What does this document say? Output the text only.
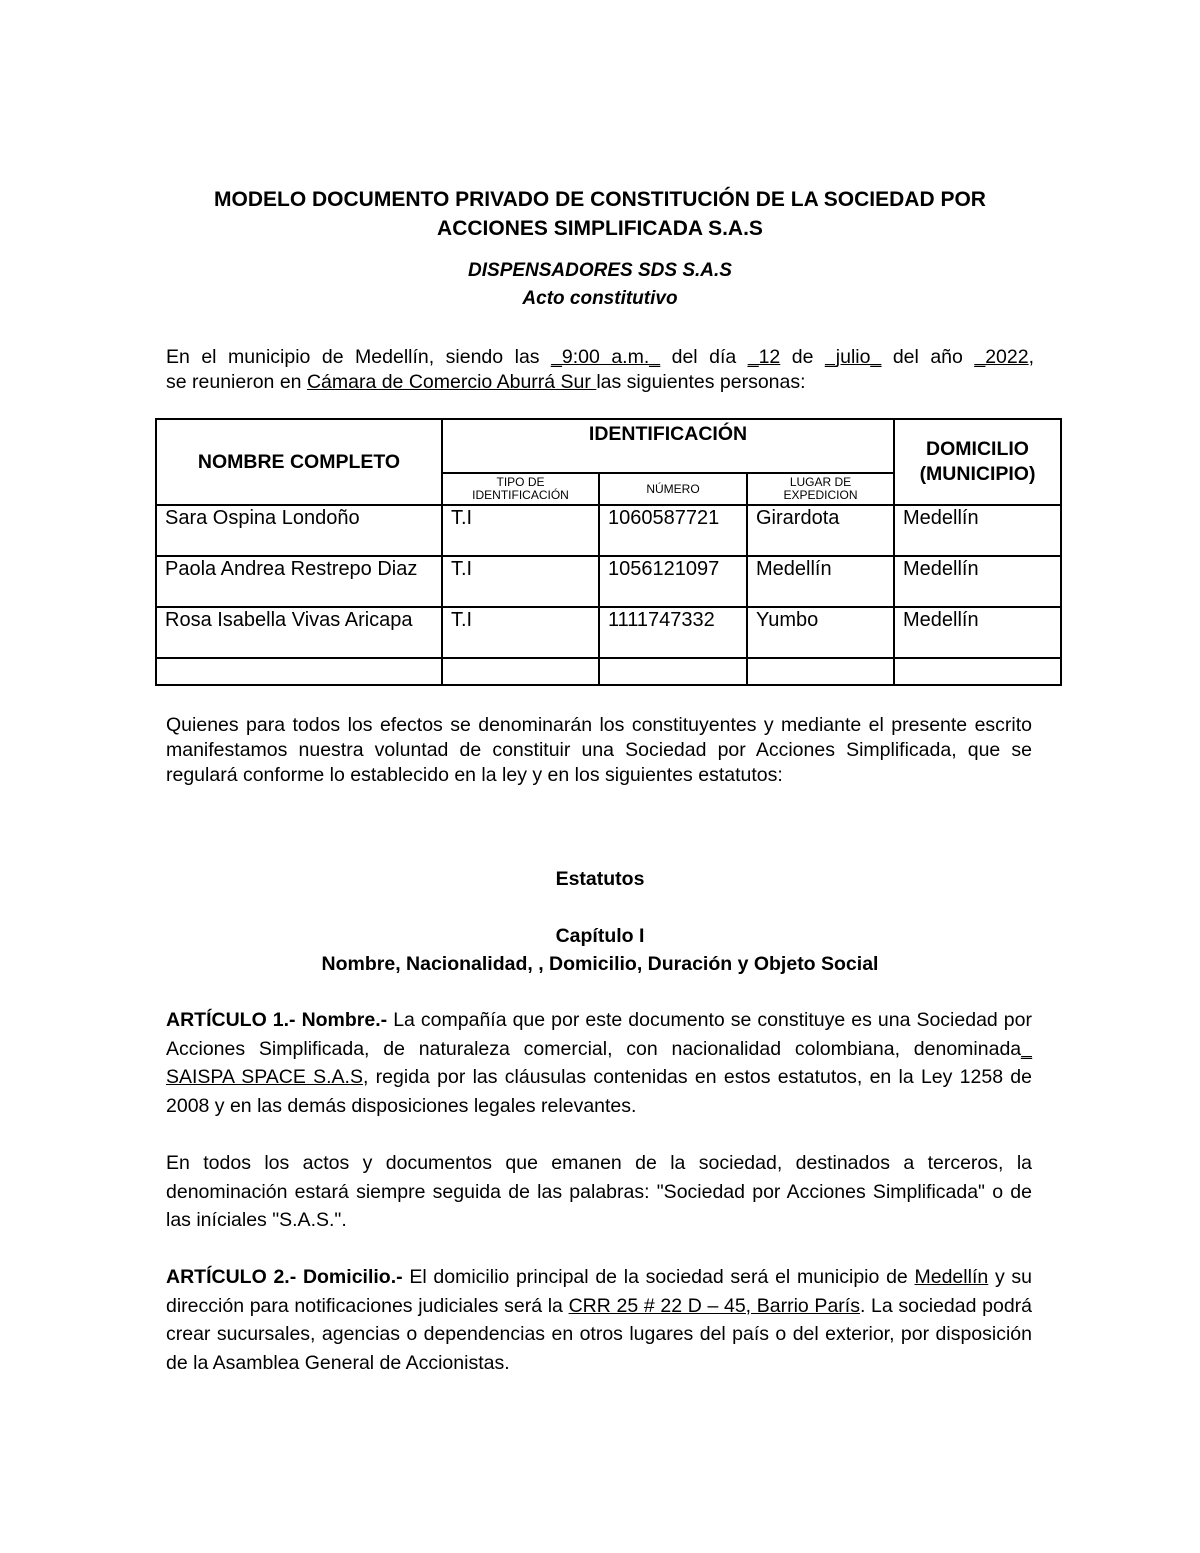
MODELO DOCUMENTO PRIVADO DE CONSTITUCIÓN DE LA SOCIEDAD POR
ACCIONES SIMPLIFICADA S.A.S
DISPENSADORES SDS S.A.S
Acto constitutivo
En el municipio de Medellín, siendo las _9:00 a.m._ del día _12 de _julio_ del año _2022,
se reunieron en Cámara de Comercio Aburrá Sur las siguientes personas:
NOMBRE COMPLETO	IDENTIFICACIÓN			DOMICILIO (MUNICIPIO)
	TIPO DE IDENTIFICACIÓN	NÚMERO	LUGAR DE EXPEDICION	
Sara Ospina Londoño	T.I	1060587721	Girardota	Medellín
Paola Andrea Restrepo Diaz	T.I	1056121097	Medellín	Medellín
Rosa Isabella Vivas Aricapa	T.I	1111747332	Yumbo	Medellín

Quienes para todos los efectos se denominarán los constituyentes y mediante el presente escrito manifestamos nuestra voluntad de constituir una Sociedad por Acciones Simplificada, que se regulará conforme lo establecido en la ley y en los siguientes estatutos:
Estatutos
Capítulo I
Nombre, Nacionalidad, , Domicilio, Duración y Objeto Social
ARTÍCULO 1.- Nombre.- La compañía que por este documento se constituye es una Sociedad por Acciones Simplificada, de naturaleza comercial, con nacionalidad colombiana, denominada_ SAISPA SPACE S.A.S, regida por las cláusulas contenidas en estos estatutos, en la Ley 1258 de 2008 y en las demás disposiciones legales relevantes.
En todos los actos y documentos que emanen de la sociedad, destinados a terceros, la denominación estará siempre seguida de las palabras: "Sociedad por Acciones Simplificada" o de las iníciales "S.A.S.".
ARTÍCULO 2.- Domicilio.- El domicilio principal de la sociedad será el municipio de Medellín y su dirección para notificaciones judiciales será la CRR 25 # 22 D – 45, Barrio París. La sociedad podrá crear sucursales, agencias o dependencias en otros lugares del país o del exterior, por disposición de la Asamblea General de Accionistas.
